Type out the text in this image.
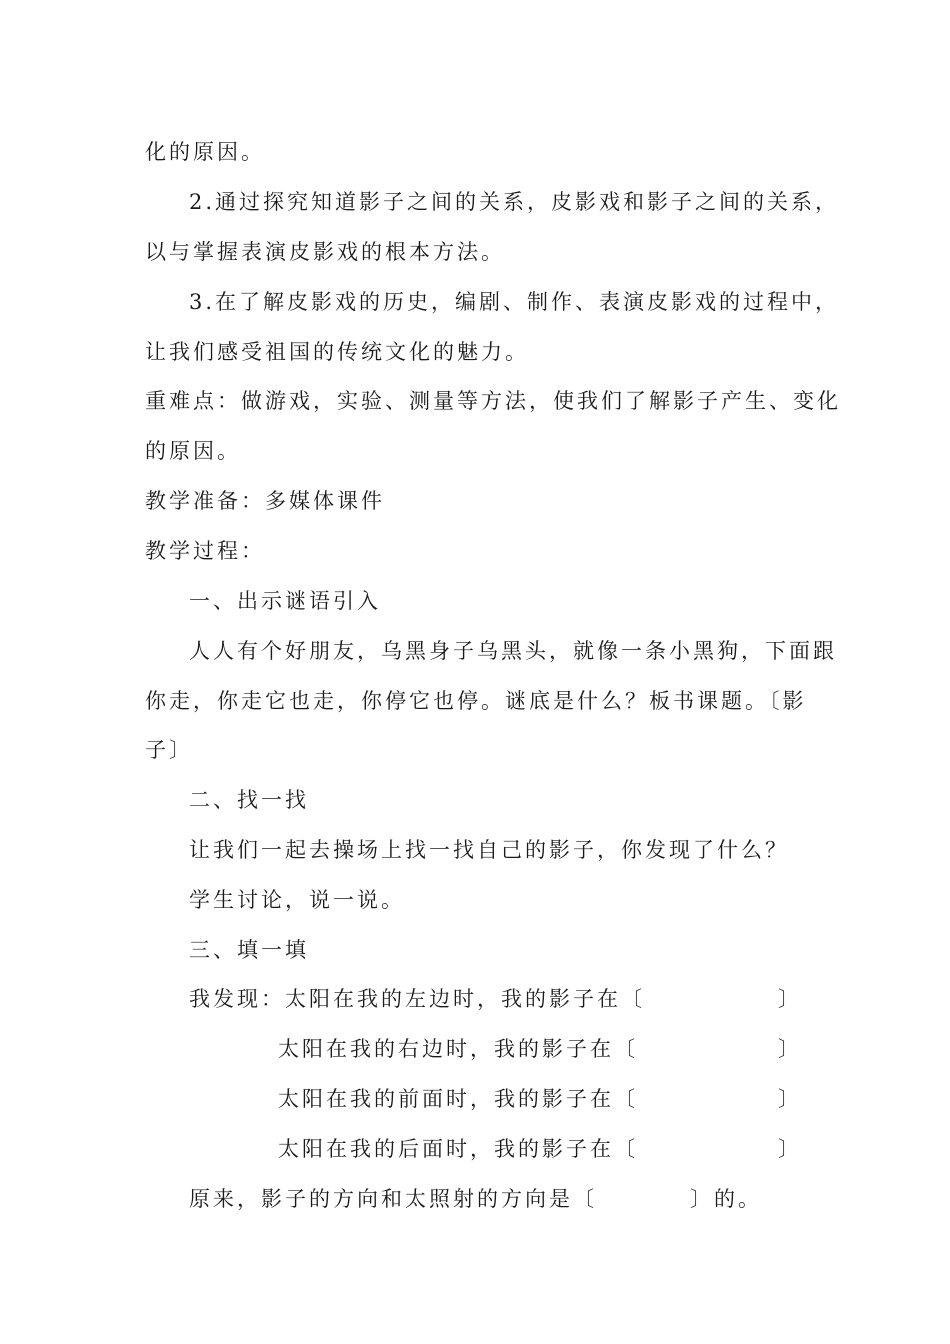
化的原因。
2.通过探究知道影子之间的关系，皮影戏和影子之间的关系，
以与掌握表演皮影戏的根本方法。
3.在了解皮影戏的历史，编剧、制作、表演皮影戏的过程中，
让我们感受祖国的传统文化的魅力。
重难点：做游戏，实验、测量等方法，使我们了解影子产生、变化
的原因。
教学准备：多媒体课件
教学过程：
一、出示谜语引入
人人有个好朋友，乌黑身子乌黑头，就像一条小黑狗，下面跟
你走，你走它也走，你停它也停。谜底是什么？板书课题。〔影
子〕
二、找一找
让我们一起去操场上找一找自己的影子，你发现了什么？
学生讨论，说一说。
三、填一填
我发现：太阳在我的左边时，我的影子在〔	〕
太阳在我的右边时，我的影子在〔	〕
太阳在我的前面时，我的影子在〔	〕
太阳在我的后面时，我的影子在〔	〕
原来，影子的方向和太照射的方向是〔	〕的。
